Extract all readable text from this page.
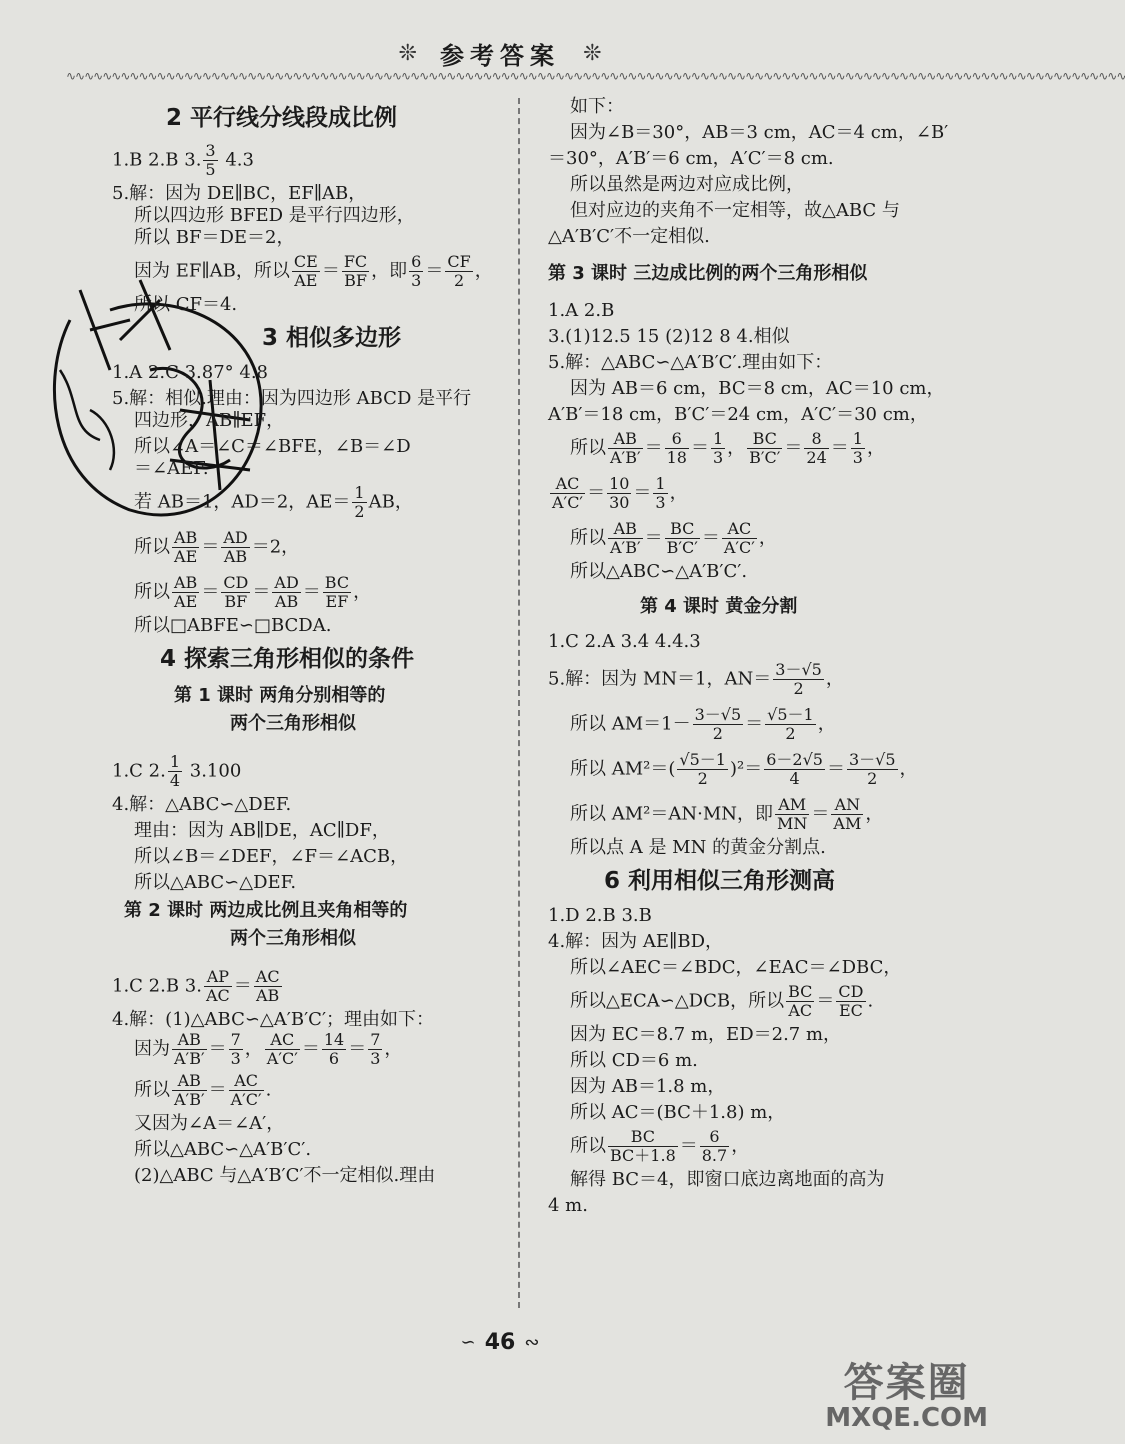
❊ 参考答案 ❊
∿∿∿∿∿∿∿∿∿∿∿∿∿∿∿∿∿∿∿∿∿∿∿∿∿∿∿∿∿∿∿∿∿∿∿∿∿∿∿∿∿∿∿∿∿∿∿∿∿∿∿∿∿∿∿∿∿∿∿∿∿∿∿∿∿∿∿∿∿∿∿∿∿∿∿∿∿∿∿∿∿∿∿∿∿∿∿∿∿∿∿∿∿∿∿∿∿∿∿∿∿∿∿∿∿∿∿∿∿∿∿∿∿∿∿∿∿
2 平行线分线段成比例
1.B 2.B 3. $\frac{3}{5} 4.3$
5.解：因为 DE∥BC，EF∥AB，
所以四边形 BFED 是平行四边形，
所以 BF＝DE＝2，
因为 EF∥AB，所以 $\frac{CE}{AE} = \frac{FC}{BF}$ ，即 $\frac{6}{3} = \frac{CF}{2}$ ，
所以 CF＝4.
3 相似多边形
1.A 2.C 3.87° 4.8
5.解：相似.理由：因为四边形 ABCD 是平行
四边形，AB∥EF，
所以∠A＝∠C＝∠BFE，∠B＝∠D
＝∠AEF.
若 AB＝1，AD＝2，$AE= \frac{1}{2}$ AB，
所以 $\frac{AB}{AE} = \frac{AD}{AB} =2$，
所以 $\frac{AB}{AE} = \frac{CD}{BF} = \frac{AD}{AB} = \frac{BC}{EF}$ ，
所以□ABFE∽□BCDA.
4 探索三角形相似的条件
第 1 课时 两角分别相等的
两个三角形相似
1.C 2. $\frac{1}{4} 3.100$
4.解：△ABC∽△DEF.
理由：因为 AB∥DE，AC∥DF，
所以∠B＝∠DEF，∠F＝∠ACB，
所以△ABC∽△DEF.
第 2 课时 两边成比例且夹角相等的
两个三角形相似
1.C 2.B 3. $\frac{AP}{AC} = \frac{AC}{AB}$
4.解：(1)△ABC∽△A′B′C′；理由如下：
因为 $\frac{AB}{A'B'} = \frac{7}{3}$ ， $\frac{AC}{A'C'} = \frac{14}{6} = \frac{7}{3}$ ，
所以 $\frac{AB}{A'B'} = \frac{AC}{A'C'}$ .
又因为∠A＝∠A′，
所以△ABC∽△A′B′C′.
(2)△ABC 与△A′B′C′不一定相似.理由
如下：
因为∠B＝30°，AB＝3 cm，AC＝4 cm，∠B′
＝30°，A′B′＝6 cm，A′C′＝8 cm.
所以虽然是两边对应成比例，
但对应边的夹角不一定相等，故△ABC 与
△A′B′C′不一定相似.
第 3 课时 三边成比例的两个三角形相似
1.A 2.B
3.(1)12.5 15 (2)12 8 4.相似
5.解：△ABC∽△A′B′C′.理由如下：
因为 AB＝6 cm，BC＝8 cm，AC＝10 cm，
A′B′＝18 cm，B′C′＝24 cm，A′C′＝30 cm，
所以 $\frac{AB}{A'B'} = \frac{6}{18} = \frac{1}{3}$ ， $\frac{BC}{B'C'} = \frac{8}{24} = \frac{1}{3}$ ，
$\frac{AC}{A'C'} = \frac{10}{30} = \frac{1}{3}$ ，
所以 $\frac{AB}{A'B'} = \frac{BC}{B'C'} = \frac{AC}{A'C'}$ ，
所以△ABC∽△A′B′C′.
第 4 课时 黄金分割
1.C 2.A 3.4 4.4.3
5.解：因为 MN＝1，$AN= \frac{3-√5}{2}$ ，
所以 $AM=1- \frac{3-√5}{2} = \frac{√5-1}{2}$ ，
所以 $AM^2=( \frac{√5-1}{2} )^2= \frac{6-2√5}{4} = \frac{3-√5}{2}$ ，
所以 AM²＝AN·MN，即 $\frac{AM}{MN} = \frac{AN}{AM}$ ，
所以点 A 是 MN 的黄金分割点.
6 利用相似三角形测高
1.D 2.B 3.B
4.解：因为 AE∥BD，
所以∠AEC＝∠BDC，∠EAC＝∠DBC，
所以△ECA∽△DCB，所以 $\frac{BC}{AC} = \frac{CD}{EC}$ .
因为 EC＝8.7 m，ED＝2.7 m，
所以 CD＝6 m.
因为 AB＝1.8 m，
所以 AC＝(BC＋1.8) m，
所以 $\frac{BC}{BC+1.8} = \frac{6}{8.7}$ ，
解得 BC＝4，即窗口底边离地面的高为
4 m.
∽ 46 ∾
答案圈
MXQE.COM
